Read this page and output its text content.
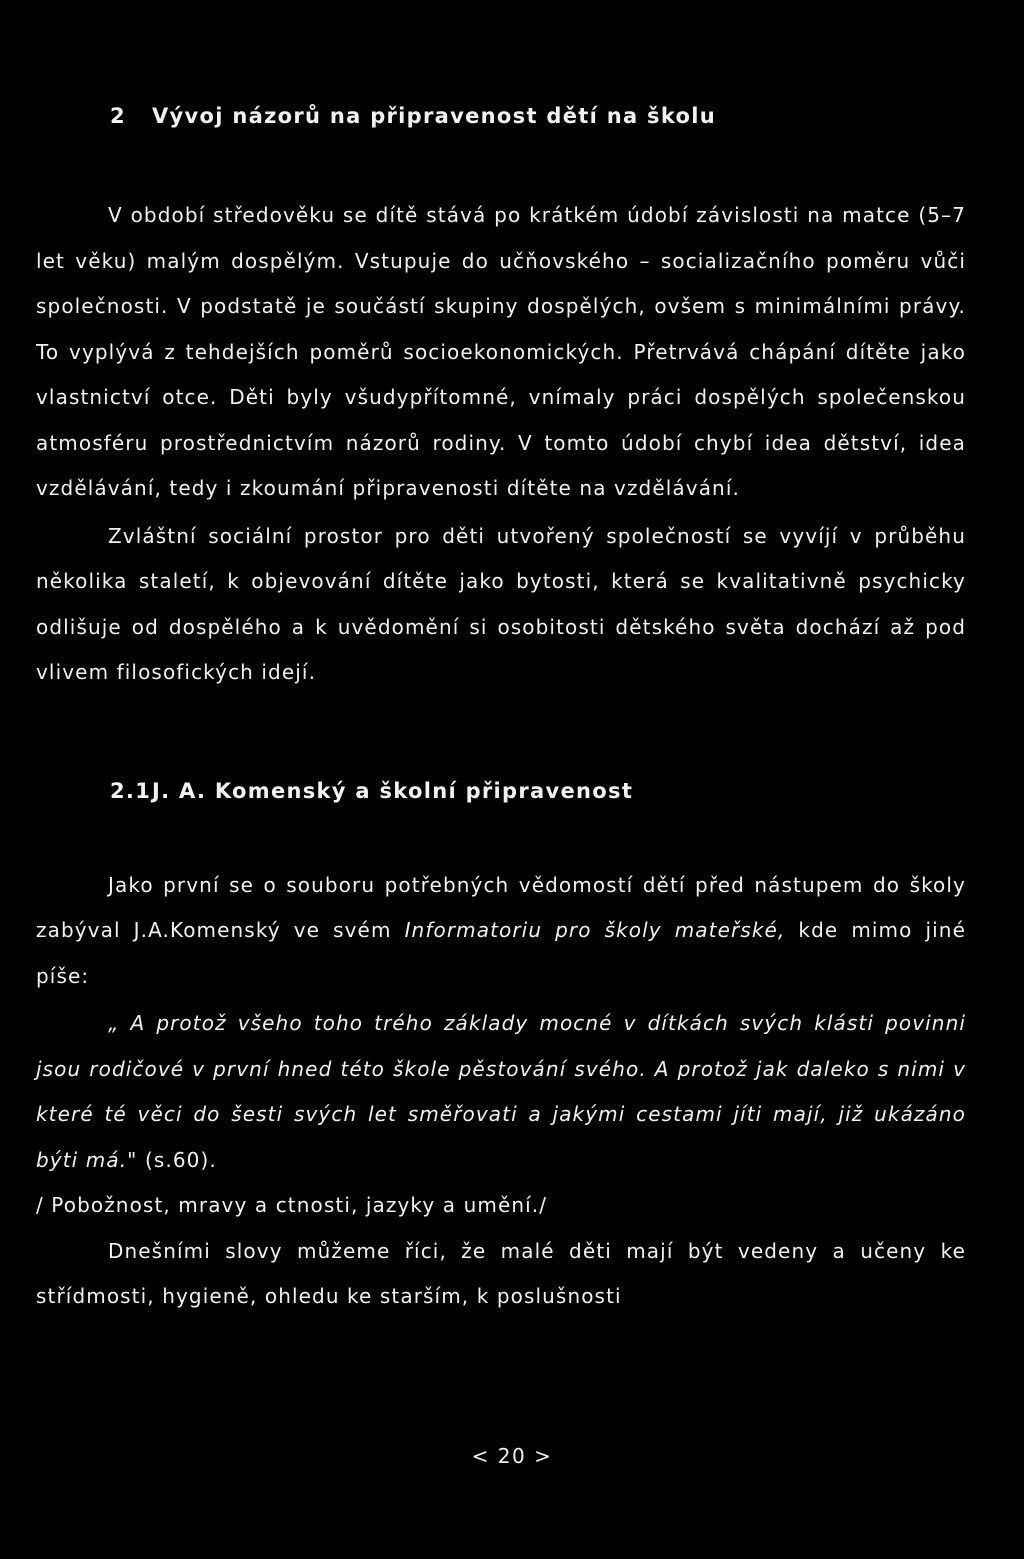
2 Vývoj názorů na připravenost dětí na školu

V období středověku se dítě stává po krátkém údobí závislosti na matce (5–7 let věku) malým dospělým. Vstupuje do učňovského – socializačního poměru vůči společnosti. V podstatě je součástí skupiny dospělých, ovšem s minimálními právy. To vyplývá z tehdejších poměrů socioekonomických. Přetrvává chápání dítěte jako vlastnictví otce. Děti byly všudypřítomné, vnímaly práci dospělých společenskou atmosféru prostřednictvím názorů rodiny. V tomto údobí chybí idea dětství, idea vzdělávání, tedy i zkoumání připravenosti dítěte na vzdělávání.

Zvláštní sociální prostor pro děti utvořený společností se vyvíjí v průběhu několika staletí, k objevování dítěte jako bytosti, která se kvalitativně psychicky odlišuje od dospělého a k uvědomění si osobitosti dětského světa dochází až pod vlivem filosofických idejí.

2.1J. A. Komenský a školní připravenost

Jako první se o souboru potřebných vědomostí dětí před nástupem do školy zabýval J.A.Komenský ve svém Informatoriu pro školy mateřské, kde mimo jiné píše:

„ A protož všeho toho trého základy mocné v dítkách svých klásti povinni jsou rodičové v první hned této škole pěstování svého. A protož jak daleko s nimi v které té věci do šesti svých let směřovati a jakými cestami jíti mají, již ukázáno býti má." (s.60).

/ Pobožnost, mravy a ctnosti, jazyky a umění./

Dnešními slovy můžeme říci, že malé děti mají být vedeny a učeny ke střídmosti, hygieně, ohledu ke starším, k poslušnosti

< 20 >
